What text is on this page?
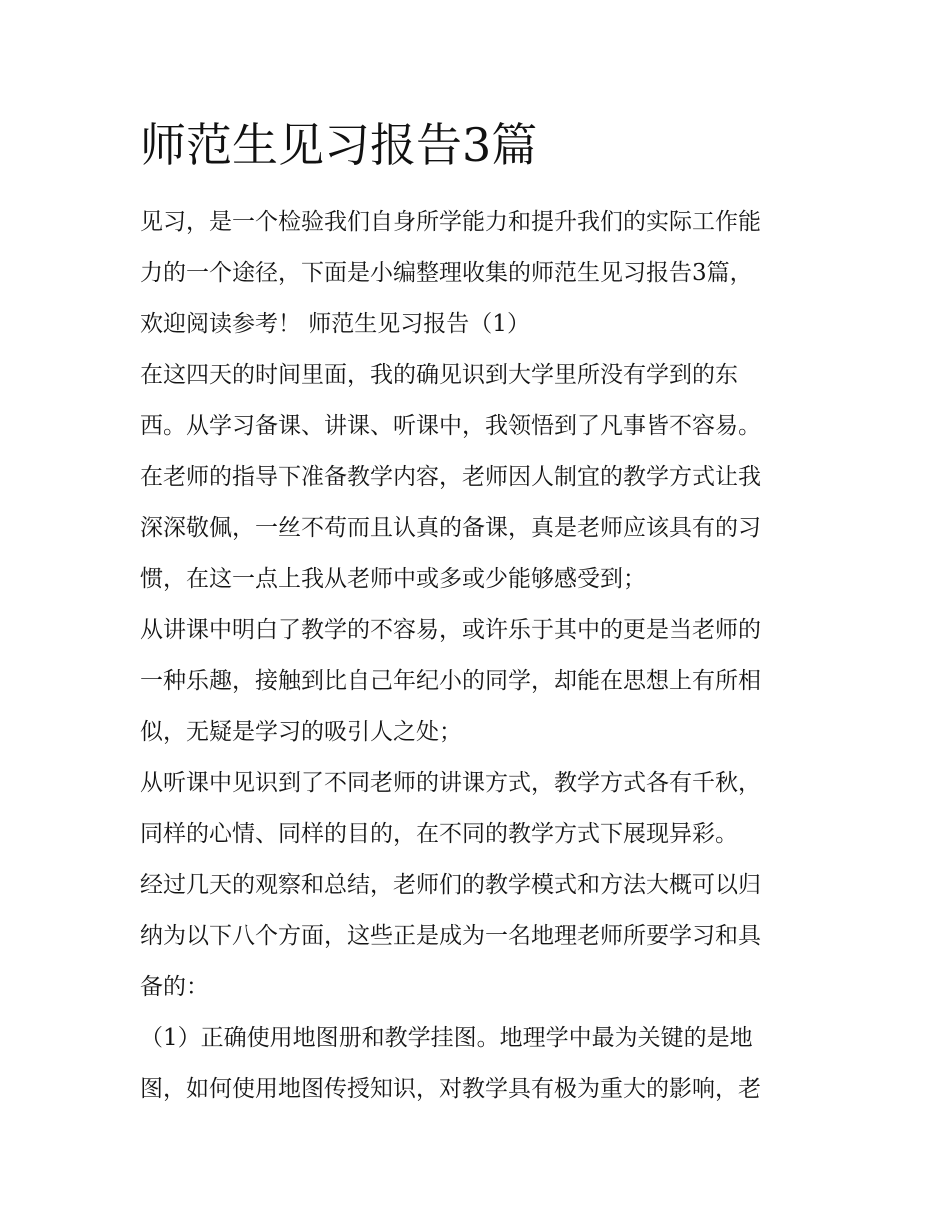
师范生见习报告3篇

见习，是一个检验我们自身所学能力和提升我们的实际工作能

力的一个途径，下面是小编整理收集的师范生见习报告3篇，

欢迎阅读参考！ 师范生见习报告（1）

在这四天的时间里面，我的确见识到大学里所没有学到的东

西。从学习备课、讲课、听课中，我领悟到了凡事皆不容易。

在老师的指导下准备教学内容，老师因人制宜的教学方式让我

深深敬佩，一丝不苟而且认真的备课，真是老师应该具有的习

惯，在这一点上我从老师中或多或少能够感受到；

从讲课中明白了教学的不容易，或许乐于其中的更是当老师的

一种乐趣，接触到比自己年纪小的同学，却能在思想上有所相

似，无疑是学习的吸引人之处；

从听课中见识到了不同老师的讲课方式，教学方式各有千秋，

同样的心情、同样的目的，在不同的教学方式下展现异彩。

经过几天的观察和总结，老师们的教学模式和方法大概可以归

纳为以下八个方面，这些正是成为一名地理老师所要学习和具

备的：

（1）正确使用地图册和教学挂图。地理学中最为关键的是地

图，如何使用地图传授知识，对教学具有极为重大的影响，老
